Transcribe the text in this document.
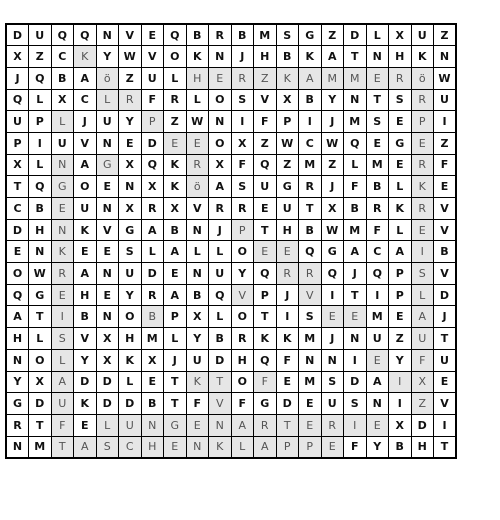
D	U	Q	Q	N	V	E	Q	B	R	B	M	S	G	Z	D	L	X	U	Z
X	Z	C	K	Y	W	V	O	K	N	J	H	B	K	A	T	N	H	K	N
J	Q	B	A	ö	Z	U	L	H	E	R	Z	K	A	M	M	E	R	ö	W
Q	L	X	C	L	R	F	R	L	O	S	V	X	B	Y	N	T	S	R	U
U	P	L	J	U	Y	P	Z	W	N	I	F	P	I	J	M	S	E	P	I
P	I	U	V	N	E	D	E	E	O	X	Z	W	C	W	Q	E	G	E	Z
X	L	N	A	G	X	Q	K	R	X	F	Q	Z	M	Z	L	M	E	R	F
T	Q	G	O	E	N	X	K	ö	A	S	U	G	R	J	F	B	L	K	E
C	B	E	U	N	X	R	X	V	R	R	E	U	T	X	B	R	K	R	V
D	H	N	K	V	G	A	B	N	J	P	T	H	B	W	M	F	L	E	V
E	N	K	E	E	S	L	A	L	L	O	E	E	Q	G	A	C	A	I	B
O	W	R	A	N	U	D	E	N	U	Y	Q	R	R	Q	J	Q	P	S	V
Q	G	E	H	E	Y	R	A	B	Q	V	P	J	V	I	T	I	P	L	D
A	T	I	B	N	O	B	P	X	L	O	T	I	S	E	E	M	E	A	J
H	L	S	V	X	H	M	L	Y	B	R	K	K	M	J	N	U	Z	U	T
N	O	L	Y	X	K	X	J	U	D	H	Q	F	N	N	I	E	Y	F	U
Y	X	A	D	D	L	E	T	K	T	O	F	E	M	S	D	A	I	X	E
G	D	U	K	D	D	B	T	F	V	F	G	D	E	U	S	N	I	Z	V
R	T	F	E	L	U	N	G	E	N	A	R	T	E	R	I	E	X	D	I
N	M	T	A	S	C	H	E	N	K	L	A	P	P	E	F	Y	B	H	T
